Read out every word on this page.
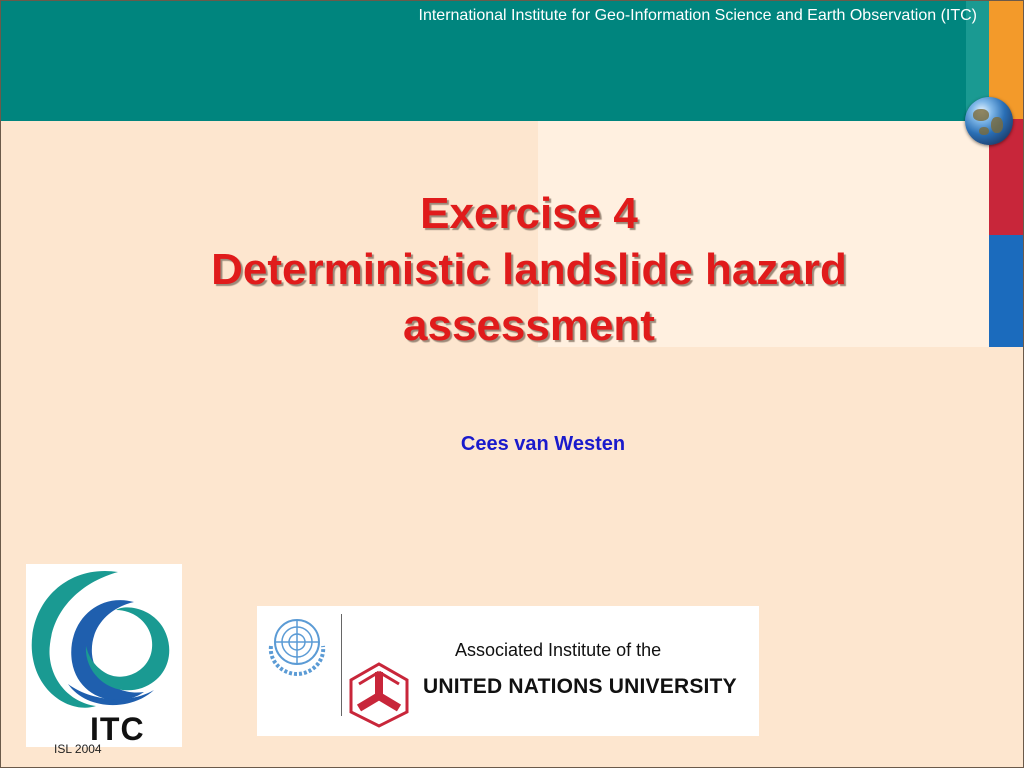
International Institute for Geo-Information Science and Earth Observation (ITC)
Exercise 4
Deterministic landslide hazard
assessment
Cees van Westen
ITC
Associated Institute of the
UNITED NATIONS UNIVERSITY
ISL 2004
